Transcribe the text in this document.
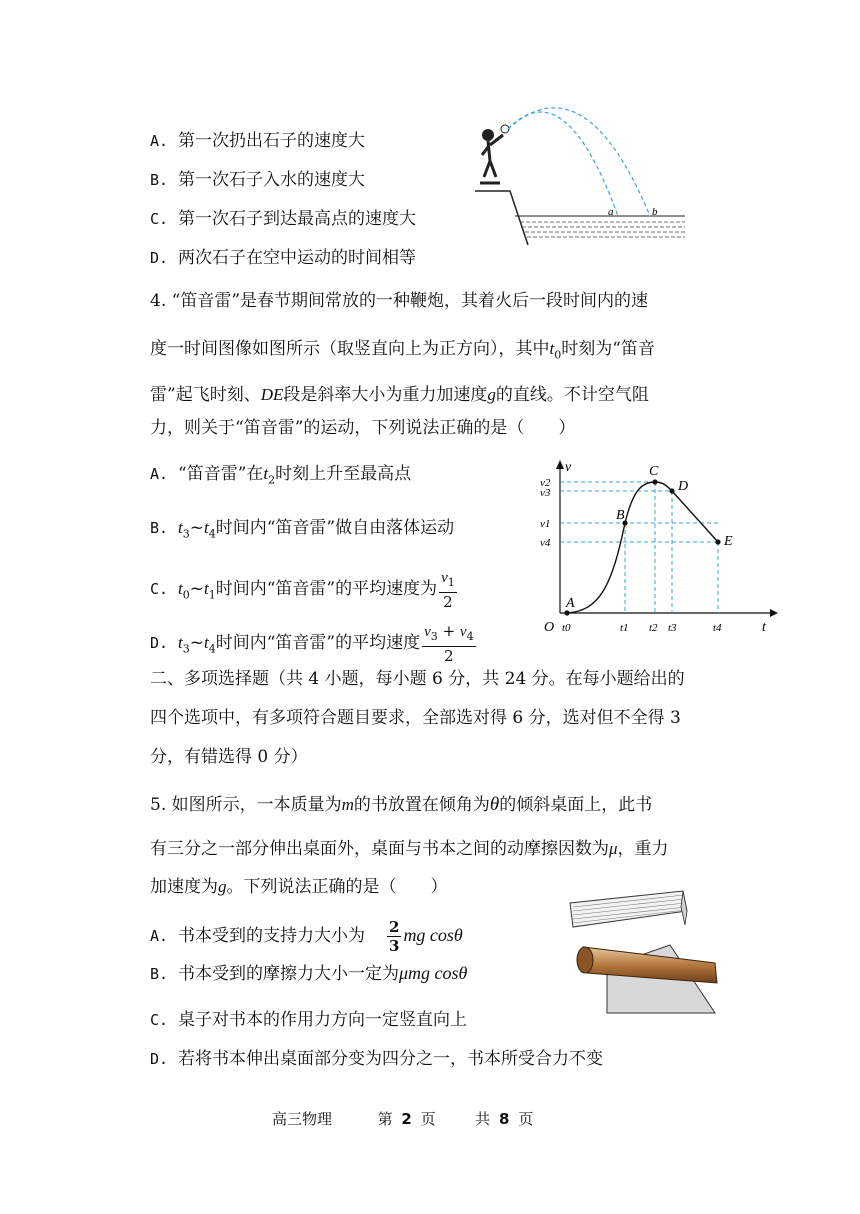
A. 第一次扔出石子的速度大
B. 第一次石子入水的速度大
C. 第一次石子到达最高点的速度大
D. 两次石子在空中运动的时间相等
a	b
4. “笛音雷”是春节期间常放的一种鞭炮，其着火后一段时间内的速
度一时间图像如图所示（取竖直向上为正方向），其中$t_0$时刻为“笛音
雷”起飞时刻、DE段是斜率大小为重力加速度g的直线。不计空气阻
力，则关于“笛音雷”的运动，下列说法正确的是（　　）
A. “笛音雷”在$t_2$时刻上升至最高点
B. $t_3\sim t_4$时间内“笛音雷”做自由落体运动
C. $t_0\sim t_1$时间内“笛音雷”的平均速度为 $\frac{v_1}{2}$
D. $t_3\sim t_4$时间内“笛音雷”的平均速度 $\frac{v_3 + v_4}{2}$
A
B
C
D
E
v
t
O
v2
v3
v1
v4
t0	t1 t2 t3	t4
二、多项选择题（共 4 小题，每小题 6 分，共 24 分。在每小题给出的
四个选项中，有多项符合题目要求，全部选对得 6 分，选对但不全得 3
分，有错选得 0 分）
5. 如图所示，一本质量为m的书放置在倾角为θ的倾斜桌面上，此书
有三分之一部分伸出桌面外，桌面与书本之间的动摩擦因数为μ，重力
加速度为g。下列说法正确的是（　　）
A. 书本受到的支持力大小为 $\frac{2}{3}$ mg cosθ
B. 书本受到的摩擦力大小一定为μmg cosθ
C. 桌子对书本的作用力方向一定竖直向上
D. 若将书本伸出桌面部分变为四分之一，书本所受合力不变
高三物理	第 2 页	共 8 页
